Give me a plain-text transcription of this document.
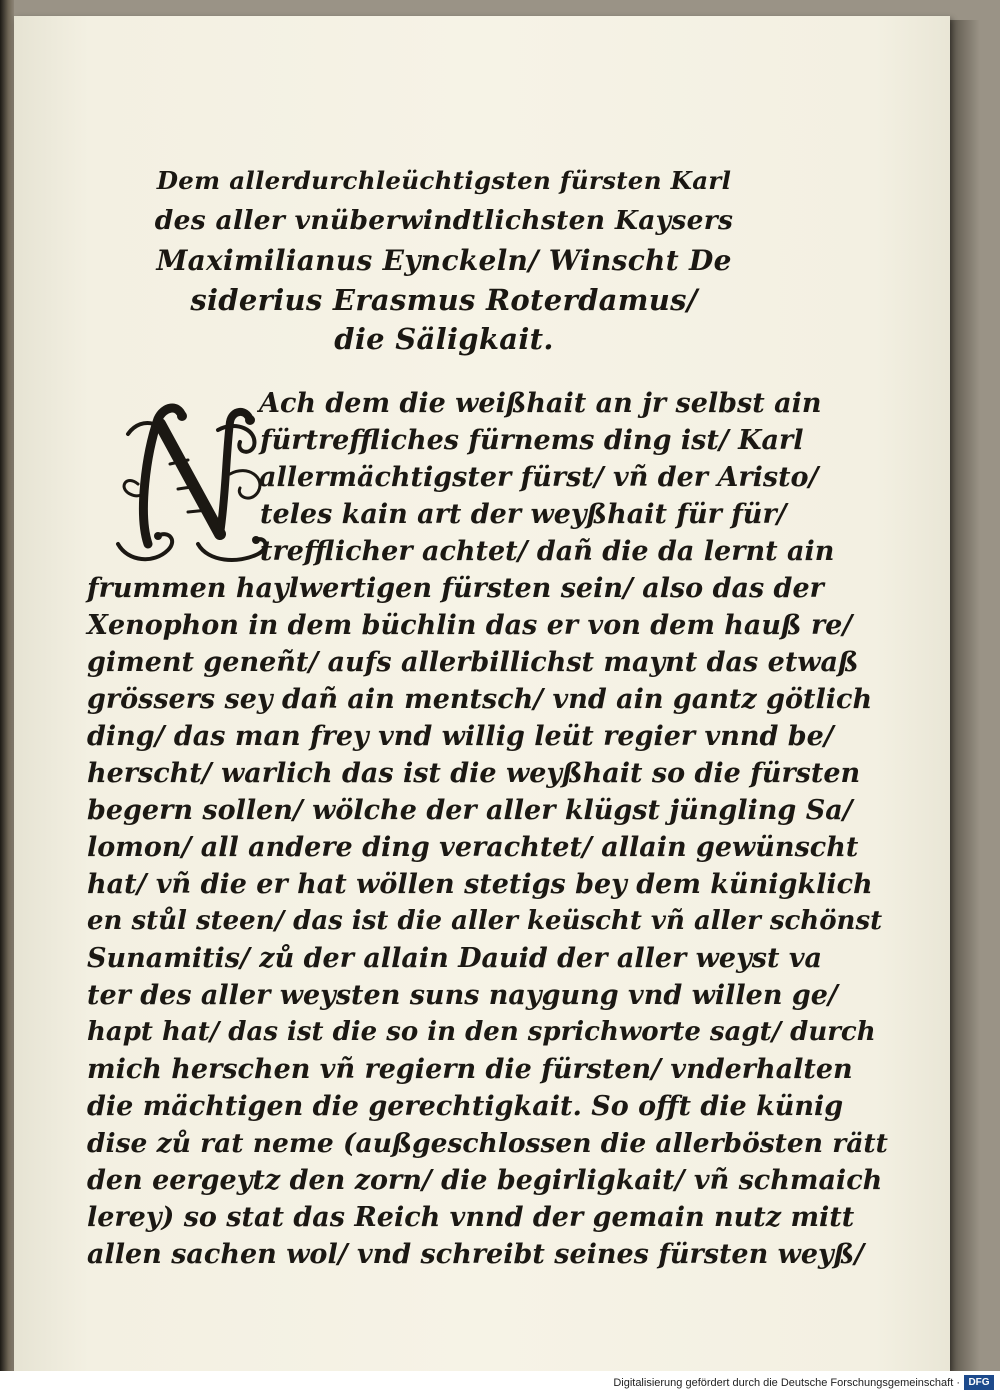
Dem allerdurchleüchtigsten fürsten Karl
des aller vnüberwindtlichsten Kaysers
Maximilianus Eynckeln/ Winscht De
siderius Erasmus Roterdamus/
die Säligkait.
Ach dem die weißhait an jr selbst ain
fürtreffliches fürnems ding ist/ Karl
allermächtigster fürst/ vñ der Aristo/
teles kain art der weyßhait für für/
trefflicher achtet/ dañ die da lernt ain
frummen haylwertigen fürsten sein/ also das der
Xenophon in dem büchlin das er von dem hauß re/
giment geneñt/ aufs allerbillichst maynt das etwaß
grössers sey dañ ain mentsch/ vnd ain gantz götlich
ding/ das man frey vnd willig leüt regier vnnd be/
herscht/ warlich das ist die weyßhait so die fürsten
begern sollen/ wölche der aller klügst jüngling Sa/
lomon/ all andere ding verachtet/ allain gewünscht
hat/ vñ die er hat wöllen stetigs bey dem künigklich
en stůl steen/ das ist die aller keüscht vñ aller schönst
Sunamitis/ zů der allain Dauid der aller weyst va
ter des aller weysten suns naygung vnd willen ge/
hapt hat/ das ist die so in den sprichworte sagt/ durch
mich herschen vñ regiern die fürsten/ vnderhalten
die mächtigen die gerechtigkait. So offt die künig
dise zů rat neme (außgeschlossen die allerbösten rätt
den eergeytz den zorn/ die begirligkait/ vñ schmaich
lerey) so stat das Reich vnnd der gemain nutz mitt
allen sachen wol/ vnd schreibt seines fürsten weyß/
Digitalisierung gefördert durch die Deutsche Forschungsgemeinschaft · DFG
